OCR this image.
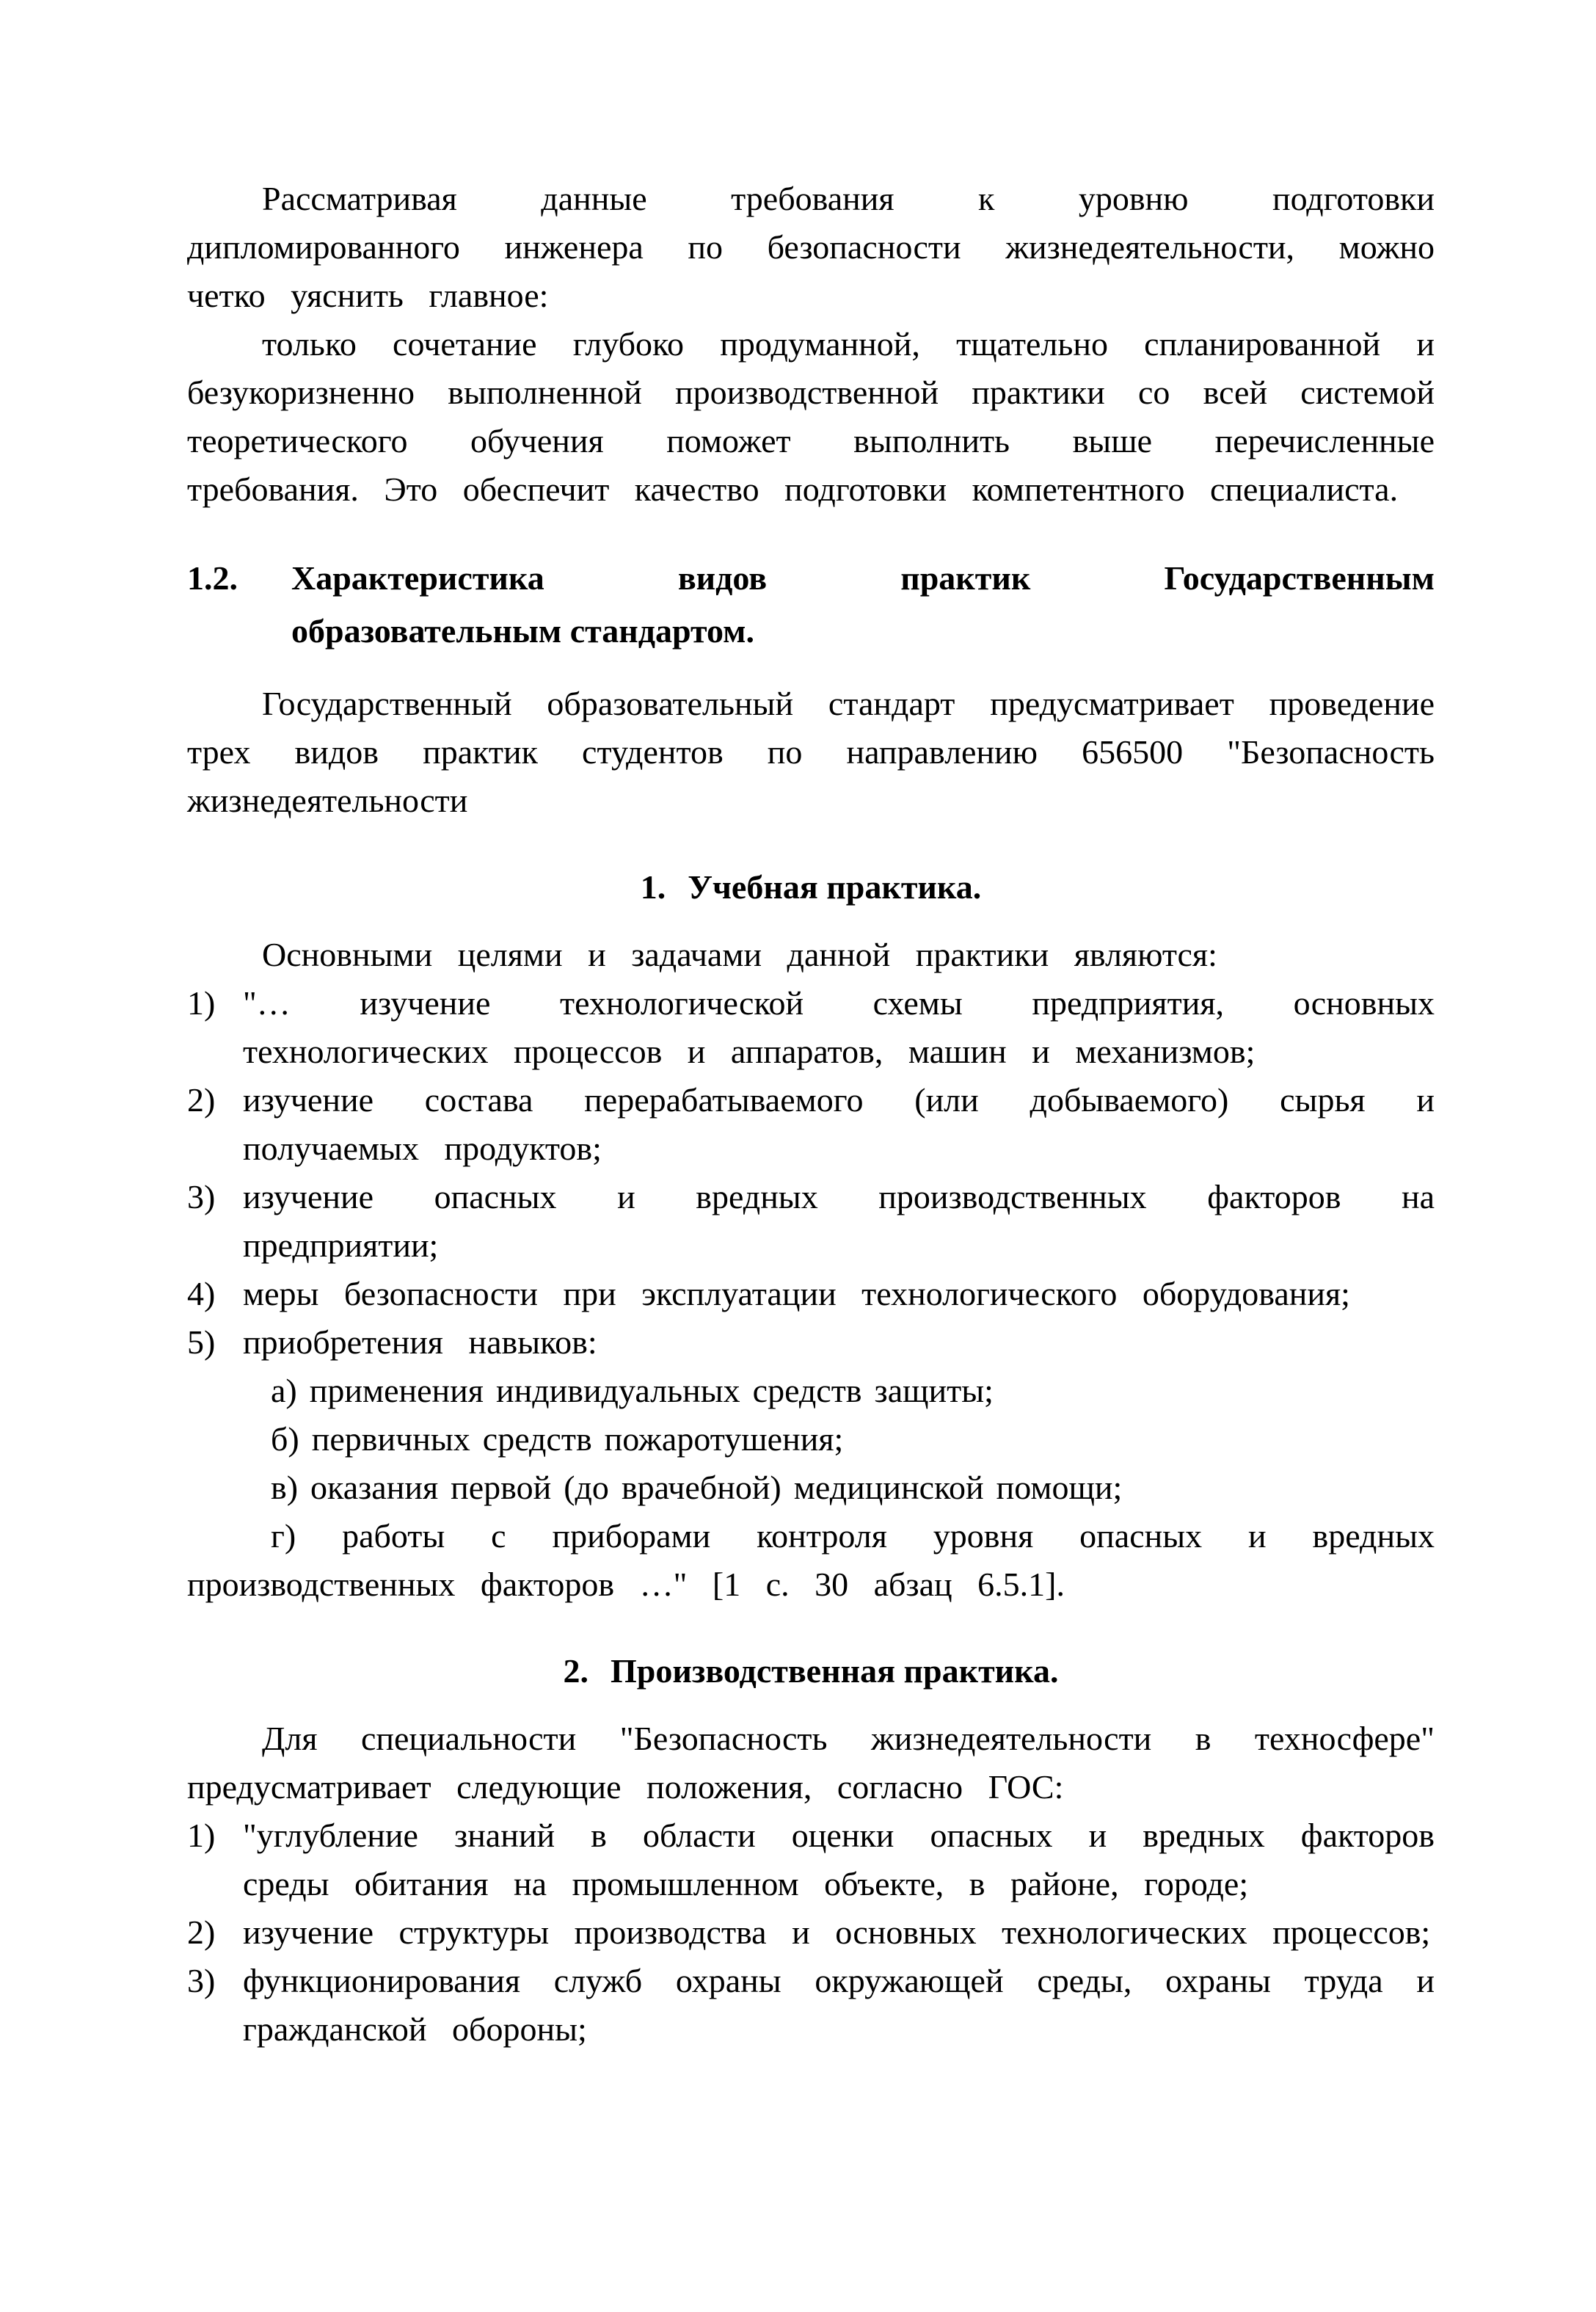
Рассматривая данные требования к уровню подготовки дипломированного инженера по безопасности жизнедеятельности, можно четко уяснить главное:

только сочетание глубоко продуманной, тщательно спланированной и безукоризненно выполненной производственной практики со всей системой теоретического обучения поможет выполнить выше перечисленные требования. Это обеспечит качество подготовки компетентного специалиста.

1.2. Характеристика видов практик Государственным
образовательным стандартом.

Государственный образовательный стандарт предусматривает проведение трех видов практик студентов по направлению 656500 "Безопасность жизнедеятельности

1. Учебная практика.

Основными целями и задачами данной практики являются:

1) "… изучение технологической схемы предприятия, основных технологических процессов и аппаратов, машин и механизмов;
2) изучение состава перерабатываемого (или добываемого) сырья и получаемых продуктов;
3) изучение опасных и вредных производственных факторов на предприятии;
4) меры безопасности при эксплуатации технологического оборудования;
5) приобретения навыков:
а) применения индивидуальных средств защиты;
б) первичных средств пожаротушения;
в) оказания первой (до врачебной) медицинской помощи;
г) работы с приборами контроля уровня опасных и вредных производственных факторов …" [1 с. 30 абзац 6.5.1].
2. Производственная практика.

Для специальности "Безопасность жизнедеятельности в техносфере" предусматривает следующие положения, согласно ГОС:

1) "углубление знаний в области оценки опасных и вредных факторов среды обитания на промышленном объекте, в районе, городе;
2) изучение структуры производства и основных технологических процессов;
3) функционирования служб охраны окружающей среды, охраны труда и гражданской обороны;
